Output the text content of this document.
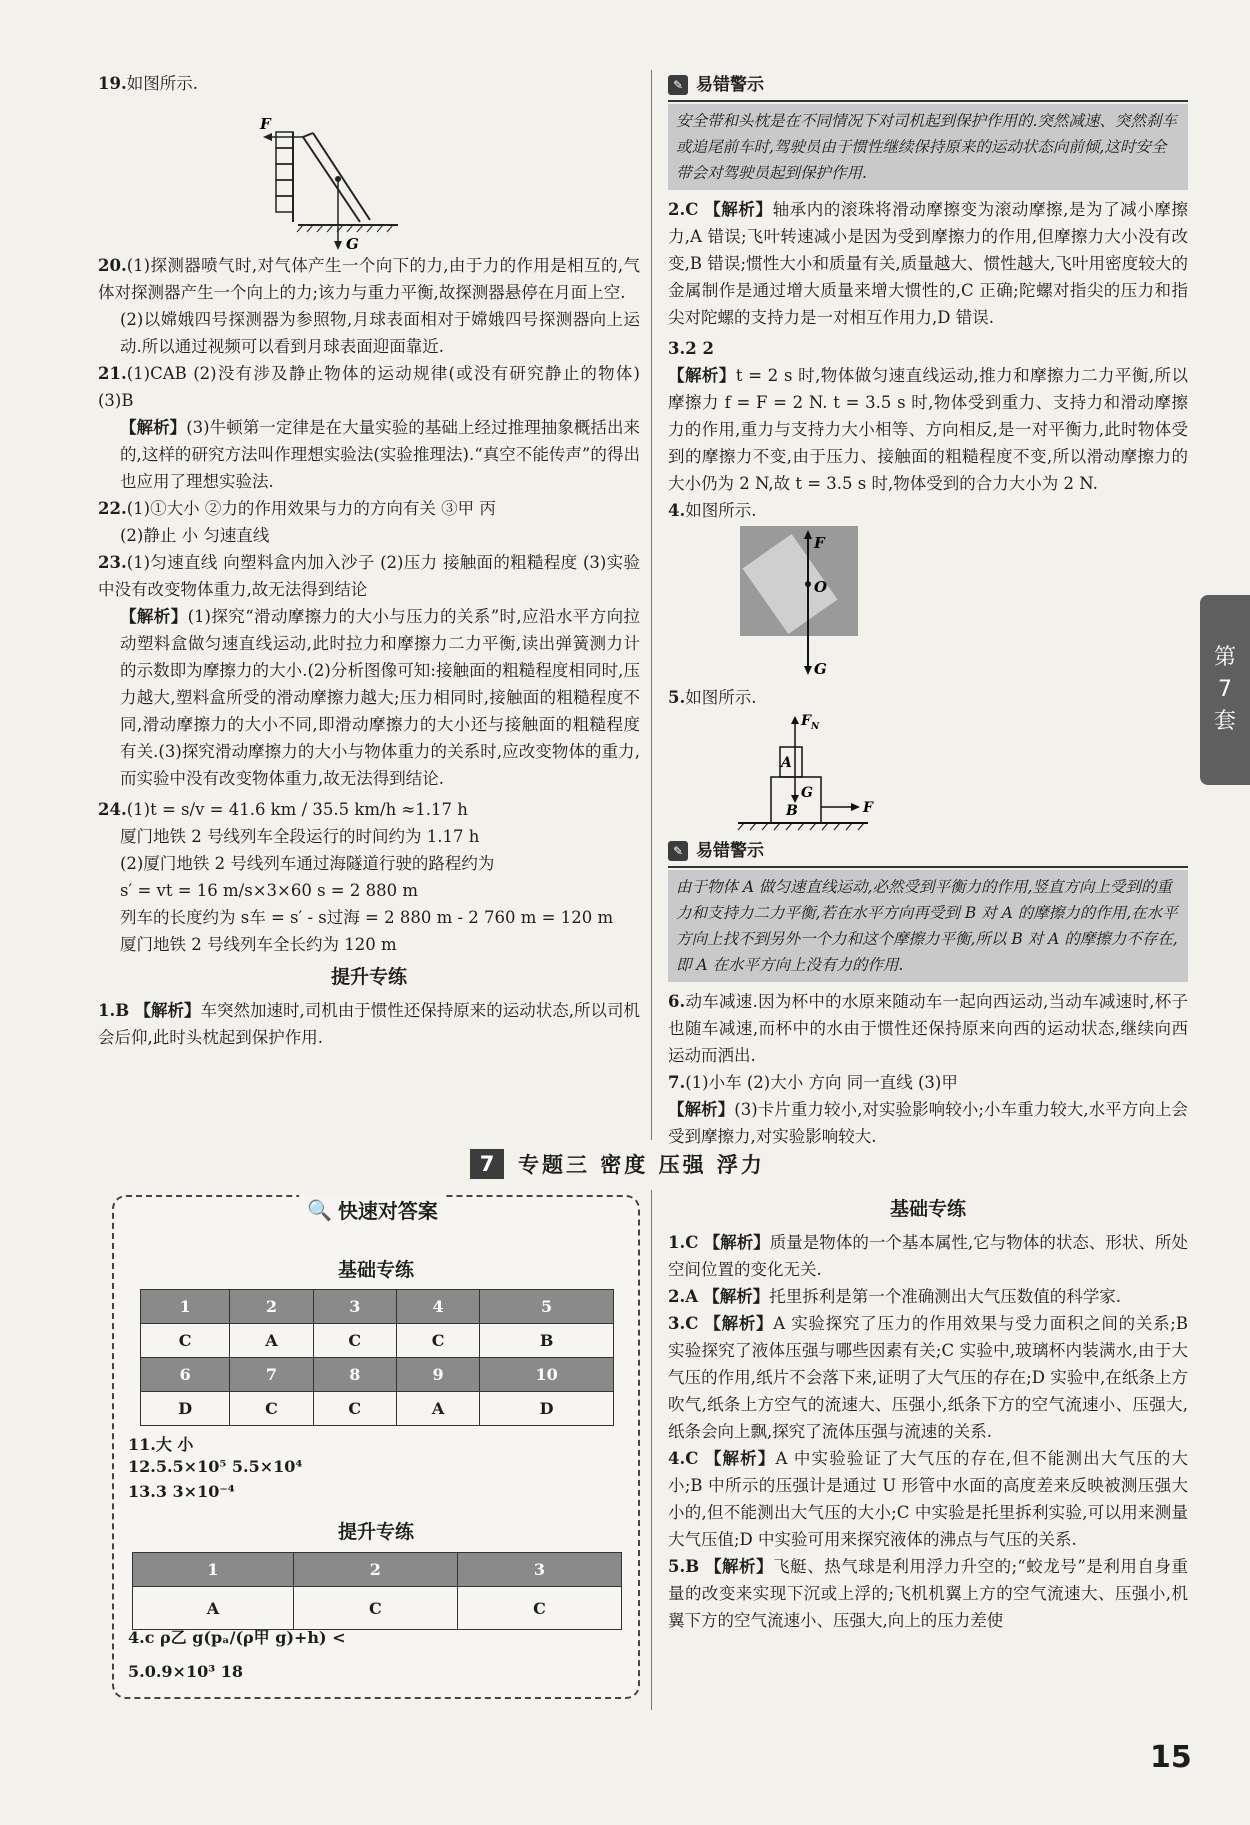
19.如图所示.

F
G

20.(1)探测器喷气时,对气体产生一个向下的力,由于力的作用是相互的,气体对探测器产生一个向上的力;该力与重力平衡,故探测器悬停在月面上空.

(2)以嫦娥四号探测器为参照物,月球表面相对于嫦娥四号探测器向上运动.所以通过视频可以看到月球表面迎面靠近.

21.(1)CAB (2)没有涉及静止物体的运动规律(或没有研究静止的物体) (3)B

【解析】(3)牛顿第一定律是在大量实验的基础上经过推理抽象概括出来的,这样的研究方法叫作理想实验法(实验推理法).“真空不能传声”的得出也应用了理想实验法.

22.(1)①大小 ②力的作用效果与力的方向有关 ③甲 丙

(2)静止 小 匀速直线

23.(1)匀速直线 向塑料盒内加入沙子 (2)压力 接触面的粗糙程度 (3)实验中没有改变物体重力,故无法得到结论

【解析】(1)探究“滑动摩擦力的大小与压力的关系”时,应沿水平方向拉动塑料盒做匀速直线运动,此时拉力和摩擦力二力平衡,读出弹簧测力计的示数即为摩擦力的大小.(2)分析图像可知:接触面的粗糙程度相同时,压力越大,塑料盒所受的滑动摩擦力越大;压力相同时,接触面的粗糙程度不同,滑动摩擦力的大小不同,即滑动摩擦力的大小还与接触面的粗糙程度有关.(3)探究滑动摩擦力的大小与物体重力的关系时,应改变物体的重力,而实验中没有改变物体重力,故无法得到结论.

24.(1)t = s/v = 41.6 km / 35.5 km/h ≈1.17 h

厦门地铁 2 号线列车全段运行的时间约为 1.17 h

(2)厦门地铁 2 号线列车通过海隧道行驶的路程约为

s′ = vt = 16 m/s×3×60 s = 2 880 m

列车的长度约为 s车 = s′ - s过海 = 2 880 m - 2 760 m = 120 m

厦门地铁 2 号线列车全长约为 120 m

提升专练

1.B 【解析】车突然加速时,司机由于惯性还保持原来的运动状态,所以司机会后仰,此时头枕起到保护作用.

✎ 易错警示
安全带和头枕是在不同情况下对司机起到保护作用的.突然减速、突然刹车或追尾前车时,驾驶员由于惯性继续保持原来的运动状态向前倾,这时安全带会对驾驶员起到保护作用.

2.C 【解析】轴承内的滚珠将滑动摩擦变为滚动摩擦,是为了减小摩擦力,A 错误;飞叶转速减小是因为受到摩擦力的作用,但摩擦力大小没有改变,B 错误;惯性大小和质量有关,质量越大、惯性越大,飞叶用密度较大的金属制作是通过增大质量来增大惯性的,C 正确;陀螺对指尖的压力和指尖对陀螺的支持力是一对相互作用力,D 错误.

3.2 2

【解析】t = 2 s 时,物体做匀速直线运动,推力和摩擦力二力平衡,所以摩擦力 f = F = 2 N. t = 3.5 s 时,物体受到重力、支持力和滑动摩擦力的作用,重力与支持力大小相等、方向相反,是一对平衡力,此时物体受到的摩擦力不变,由于压力、接触面的粗糙程度不变,所以滑动摩擦力的大小仍为 2 N,故 t = 3.5 s 时,物体受到的合力大小为 2 N.

4.如图所示.

F
O
G

5.如图所示.

A
$F_N$
G
B	F
✎ 易错警示
由于物体 A 做匀速直线运动,必然受到平衡力的作用,竖直方向上受到的重力和支持力二力平衡,若在水平方向再受到 B 对 A 的摩擦力的作用,在水平方向上找不到另外一个力和这个摩擦力平衡,所以 B 对 A 的摩擦力不存在,即 A 在水平方向上没有力的作用.

6.动车减速.因为杯中的水原来随动车一起向西运动,当动车减速时,杯子也随车减速,而杯中的水由于惯性还保持原来向西的运动状态,继续向西运动而洒出.

7.(1)小车 (2)大小 方向 同一直线 (3)甲

【解析】(3)卡片重力较小,对实验影响较小;小车重力较大,水平方向上会受到摩擦力,对实验影响较大.

第
7
套
7	专题三 密度 压强 浮力
🔍 快速对答案
基础专练
1	2	3	4	5
C	A	C	C	B
6	7	8	9	10
D	C	C	A	D
11.大 小
12.5.5×10⁵ 5.5×10⁴
13.3 3×10⁻⁴
提升专练
1	2	3
A	C	C
4.c ρ乙 g(pₐ/(ρ甲 g)+h) <
5.0.9×10³ 18
基础专练

1.C 【解析】质量是物体的一个基本属性,它与物体的状态、形状、所处空间位置的变化无关.

2.A 【解析】托里拆利是第一个准确测出大气压数值的科学家.

3.C 【解析】A 实验探究了压力的作用效果与受力面积之间的关系;B 实验探究了液体压强与哪些因素有关;C 实验中,玻璃杯内装满水,由于大气压的作用,纸片不会落下来,证明了大气压的存在;D 实验中,在纸条上方吹气,纸条上方空气的流速大、压强小,纸条下方的空气流速小、压强大,纸条会向上飘,探究了流体压强与流速的关系.

4.C 【解析】A 中实验验证了大气压的存在,但不能测出大气压的大小;B 中所示的压强计是通过 U 形管中水面的高度差来反映被测压强大小的,但不能测出大气压的大小;C 中实验是托里拆利实验,可以用来测量大气压值;D 中实验可用来探究液体的沸点与气压的关系.

5.B 【解析】飞艇、热气球是利用浮力升空的;“蛟龙号”是利用自身重量的改变来实现下沉或上浮的;飞机机翼上方的空气流速大、压强小,机翼下方的空气流速小、压强大,向上的压力差使

15
